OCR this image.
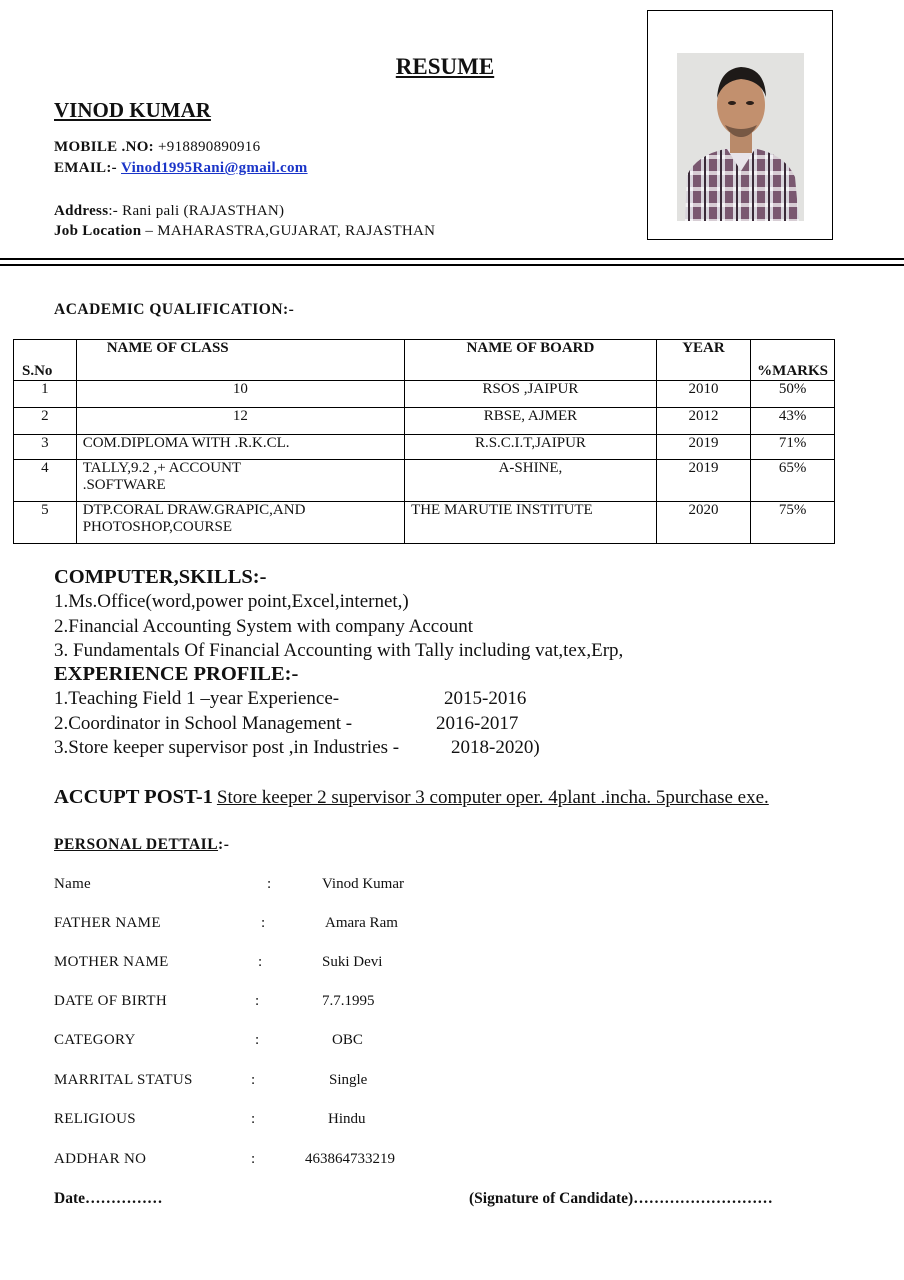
RESUME
VINOD KUMAR
MOBILE .NO: +918890890916
EMAIL:- Vinod1995Rani@gmail.com
Address:- Rani pali (RAJASTHAN)
Job Location – MAHARASTRA,GUJARAT, RAJASTHAN
ACADEMIC QUALIFICATION:-
S.No	NAME OF CLASS	NAME OF BOARD	YEAR	%MARKS
1	10	RSOS ,JAIPUR	2010	50%
2	12	RBSE, AJMER	2012	43%
3	COM.DIPLOMA WITH .R.K.CL.	R.S.C.I.T,JAIPUR	2019	71%
4	TALLY,9.2 ,+ ACCOUNT .SOFTWARE	A-SHINE,	2019	65%
5	DTP.CORAL DRAW.GRAPIC,AND PHOTOSHOP,COURSE	THE MARUTIE INSTITUTE	2020	75%
COMPUTER,SKILLS:-
1.Ms.Office(word,power point,Excel,internet,)
2.Financial Accounting System with company Account
3. Fundamentals Of Financial Accounting with Tally including vat,tex,Erp,
EXPERIENCE PROFILE:-
1.Teaching Field 1 –year Experience-	2015-2016
2.Coordinator in School Management -	2016-2017
3.Store keeper supervisor post ,in Industries -	2018-2020)
ACCUPT POST-1 Store keeper 2 supervisor 3 computer oper. 4plant .incha. 5purchase exe.
PERSONAL DETTAIL:-
Name	:	Vinod Kumar
FATHER NAME	:	Amara Ram
MOTHER NAME	:	Suki Devi
DATE OF BIRTH	:	7.7.1995
CATEGORY	:	OBC
MARRITAL STATUS	:	Single
RELIGIOUS	:	Hindu
ADDHAR NO	:	463864733219
Date……………	(Signature of Candidate)………………………
